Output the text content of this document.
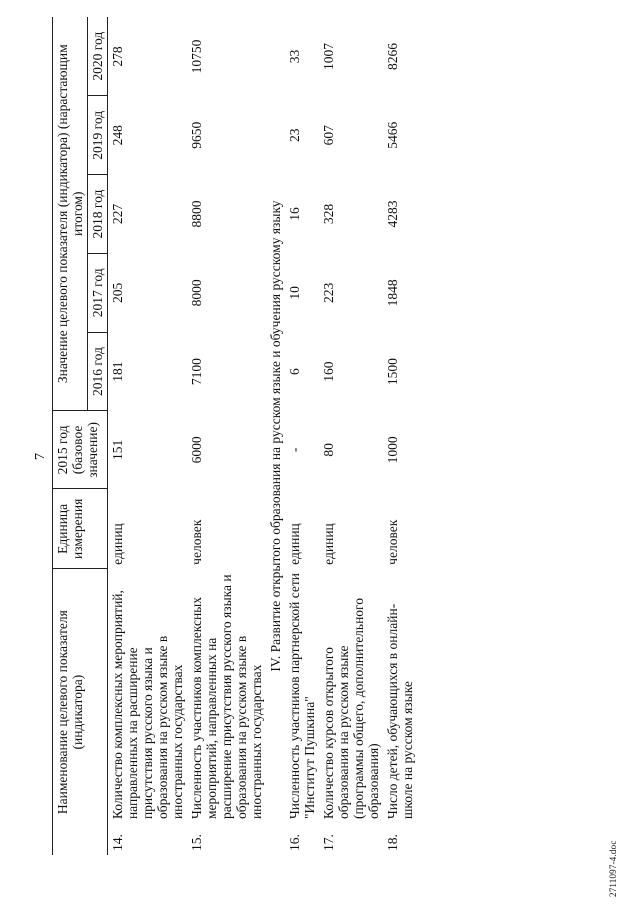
7
Наименование целевого показателя (индикатора)		Единица измерения	2015 год (базовое значение)	Значение целевого показателя (индикатора) (нарастающим итогом)				
				2016 год	2017 год	2018 год	2019 год	2020 год
14.	Количество комплексных мероприятий, направленных на расширение присутствия русского языка и образования на русском языке в иностранных государствах	единиц	151	181	205	227	248	278
15.	Численность участников комплексных мероприятий, направленных на расширение присутствия русского языка и образования на русском языке в иностранных государствах	человек	6000	7100	8000	8800	9650	10750
IV. Развитие открытого образования на русском языке и обучения русскому языку								
16.	Численность участников партнерской сети "Институт Пушкина"	единиц	-	6	10	16	23	33
17.	Количество курсов открытого образования на русском языке (программы общего, дополнительного образования)	единиц	80	160	223	328	607	1007
18.	Число детей, обучающихся в онлайн-школе на русском языке	человек	1000	1500	1848	4283	5466	8266
2711097-4.doc
